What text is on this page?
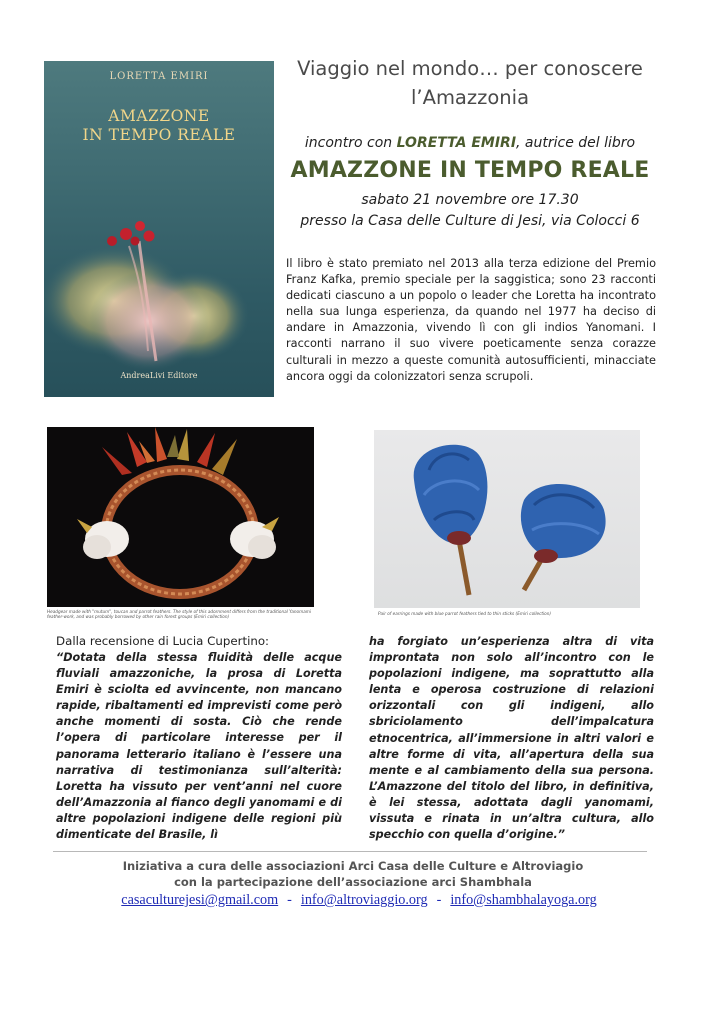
LORETTA EMIRI
AMAZZONE
IN TEMPO REALE
AndreaLivi Editore
Viaggio nel mondo… per conoscere
l’Amazzonia
incontro con LORETTA EMIRI, autrice del libro
AMAZZONE IN TEMPO REALE
sabato 21 novembre ore 17.30
presso la Casa delle Culture di Jesi, via Colocci 6
Il libro è stato premiato nel 2013 alla terza edizione del Premio Franz Kafka, premio speciale per la saggistica; sono 23 racconti dedicati ciascuno a un popolo o leader che Loretta ha incontrato nella sua lunga esperienza, da quando nel 1977 ha deciso di andare in Amazzonia, vivendo lì con gli indios Yanomani. I racconti narrano il suo vivere poeticamente senza corazze culturali in mezzo a queste comunità autosufficienti, minacciate ancora oggi da colonizzatori senza scrupoli.
Headgear made with "mutum", toucan and parrot feathers. The style of this adornment differs from the traditional Yanomami feather-work, and was probably borrowed by other rain forest groups (Emiri collection)
Pair of earrings made with blue parrot feathers tied to thin sticks (Emiri collection)
Dalla recensione di Lucia Cupertino:
“Dotata della stessa fluidità delle acque fluviali amazzoniche, la prosa di Loretta Emiri è sciolta ed avvincente, non mancano rapide, ribaltamenti ed imprevisti come però anche momenti di sosta. Ciò che rende l’opera di particolare interesse per il panorama letterario italiano è l’essere una narrativa di testimonianza sull’alterità: Loretta ha vissuto per vent’anni nel cuore dell’Amazzonia al fianco degli yanomami e di altre popolazioni indigene delle regioni più dimenticate del Brasile, lì
ha forgiato un’esperienza altra di vita improntata non solo all’incontro con le popolazioni indigene, ma soprattutto alla lenta e operosa costruzione di relazioni orizzontali con gli indigeni, allo sbriciolamento dell’impalcatura etnocentrica, all’immersione in altri valori e altre forme di vita, all’apertura della sua mente e al cambiamento della sua persona. L’Amazzone del titolo del libro, in definitiva, è lei stessa, adottata dagli yanomami, vissuta e rinata in un’altra cultura, allo specchio con quella d’origine.”
Iniziativa a cura delle associazioni Arci Casa delle Culture e Altroviagio
con la partecipazione dell’associazione arci Shambhala
casaculturejesi@gmail.com - info@altroviaggio.org - info@shambhalayoga.org
